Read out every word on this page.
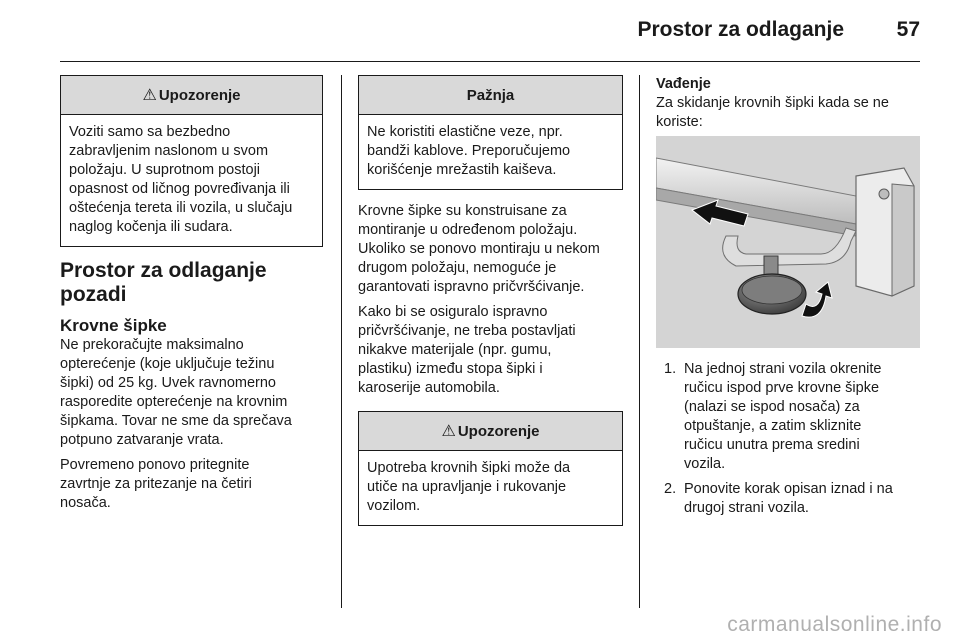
Prostor za odlaganje	57
⚠ Upozorenje
Voziti samo sa bezbedno
zabravljenim naslonom u svom
položaju. U suprotnom postoji
opasnost od ličnog povređivanja ili
oštećenja tereta ili vozila, u slučaju
naglog kočenja ili sudara.
Prostor za odlaganje
pozadi
Krovne šipke
Ne prekoračujte maksimalno
opterećenje (koje uključuje težinu
šipki) od 25 kg. Uvek ravnomerno
rasporedite opterećenje na krovnim
šipkama. Tovar ne sme da sprečava
potpuno zatvaranje vrata.
Povremeno ponovo pritegnite
zavrtnje za pritezanje na četiri
nosača.
Pažnja
Ne koristiti elastične veze, npr.
bandži kablove. Preporučujemo
korišćenje mrežastih kaiševa.
Krovne šipke su konstruisane za
montiranje u određenom položaju.
Ukoliko se ponovo montiraju u nekom
drugom položaju, nemoguće je
garantovati ispravno pričvršćivanje.
Kako bi se osiguralo ispravno
pričvršćivanje, ne treba postavljati
nikakve materijale (npr. gumu,
plastiku) između stopa šipki i
karoserije automobila.
⚠ Upozorenje
Upotreba krovnih šipki može da
utiče na upravljanje i rukovanje
vozilom.
Vađenje
Za skidanje krovnih šipki kada se ne
koriste:
1. Na jednoj strani vozila okrenite
ručicu ispod prve krovne šipke
(nalazi se ispod nosača) za
otpuštanje, a zatim skliznite
ručicu unutra prema sredini
vozila.
2. Ponovite korak opisan iznad i na
drugoj strani vozila.
carmanualsonline.info
